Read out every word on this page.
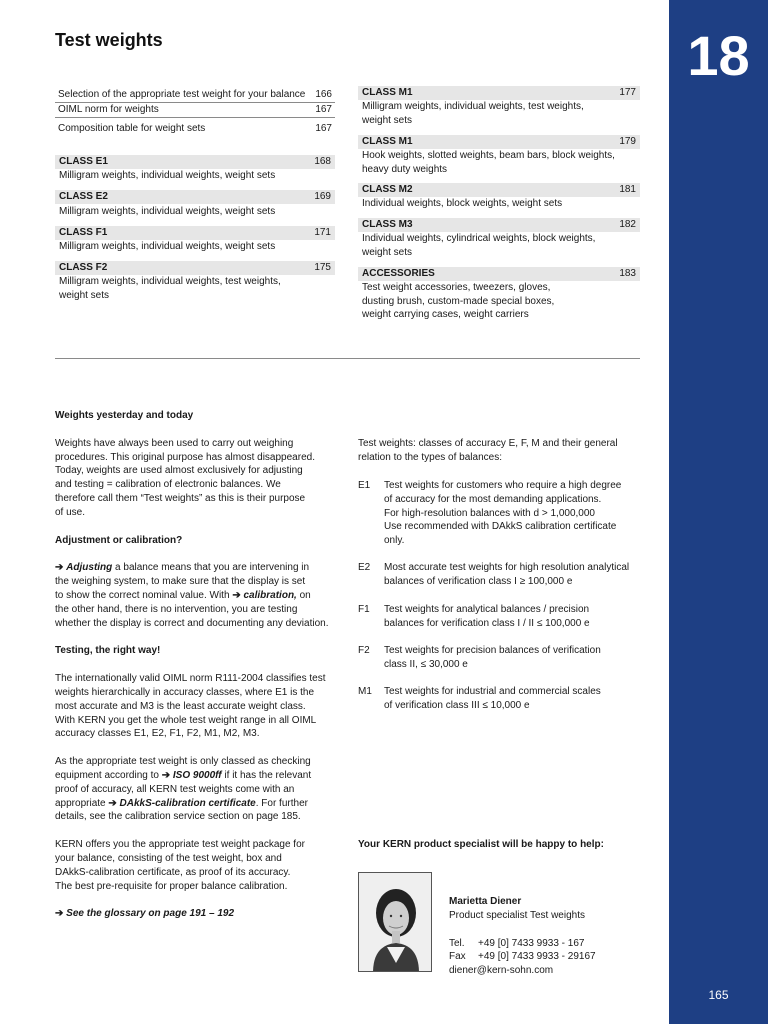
18
165
Test weights
Selection of the appropriate test weight for your balance 166
OIML norm for weights	167
Composition table for weight sets	167
CLASS E1	168
Milligram weights, individual weights, weight sets
CLASS E2	169
Milligram weights, individual weights, weight sets
CLASS F1	171
Milligram weights, individual weights, weight sets
CLASS F2	175
Milligram weights, individual weights, test weights,
weight sets
CLASS M1	177
Milligram weights, individual weights, test weights,
weight sets
CLASS M1	179
Hook weights, slotted weights, beam bars, block weights,
heavy duty weights
CLASS M2	181
Individual weights, block weights, weight sets
CLASS M3	182
Individual weights, cylindrical weights, block weights,
weight sets
ACCESSORIES	183
Test weight accessories, tweezers, gloves,
dusting brush, custom-made special boxes,
weight carrying cases, weight carriers

Weights yesterday and today

Weights have always been used to carry out weighing

procedures. This original purpose has almost disappeared.

Today, weights are used almost exclusively for adjusting

and testing = calibration of electronic balances. We

therefore call them “Test weights” as this is their purpose

of use.

Adjustment or calibration?

➔ Adjusting a balance means that you are intervening in

the weighing system, to make sure that the display is set

to show the correct nominal value. With ➔ calibration, on

the other hand, there is no intervention, you are testing

whether the display is correct and documenting any deviation.

Testing, the right way!

The internationally valid OIML norm R111-2004 classifies test

weights hierarchically in accuracy classes, where E1 is the

most accurate and M3 is the least accurate weight class.

With KERN you get the whole test weight range in all OIML

accuracy classes E1, E2, F1, F2, M1, M2, M3.

As the appropriate test weight is only classed as checking

equipment according to ➔ ISO 9000ff if it has the relevant

proof of accuracy, all KERN test weights come with an

appropriate ➔ DAkkS-calibration certificate. For further

details, see the calibration service section on page 185.

KERN offers you the appropriate test weight package for

your balance, consisting of the test weight, box and

DAkkS-calibration certificate, as proof of its accuracy.

The best pre-requisite for proper balance calibration.

➔ See the glossary on page 191 – 192

Test weights: classes of accuracy E, F, M and their general

relation to the types of balances:

E1	Test weights for customers who require a high degree

of accuracy for the most demanding applications.

For high-resolution balances with d > 1,000,000

Use recommended with DAkkS calibration certificate

only.

E2	Most accurate test weights for high resolution analytical

balances of verification class I ≥ 100,000 e

F1	Test weights for analytical balances / precision

balances for verification class I / II ≤ 100,000 e

F2	Test weights for precision balances of verification

class II, ≤ 30,000 e

M1	Test weights for industrial and commercial scales

of verification class III ≤ 10,000 e

Your KERN product specialist will be happy to help:

Marietta Diener

Product specialist Test weights

Tel. +49 [0] 7433 9933 - 167

Fax +49 [0] 7433 9933 - 29167

diener@kern-sohn.com
